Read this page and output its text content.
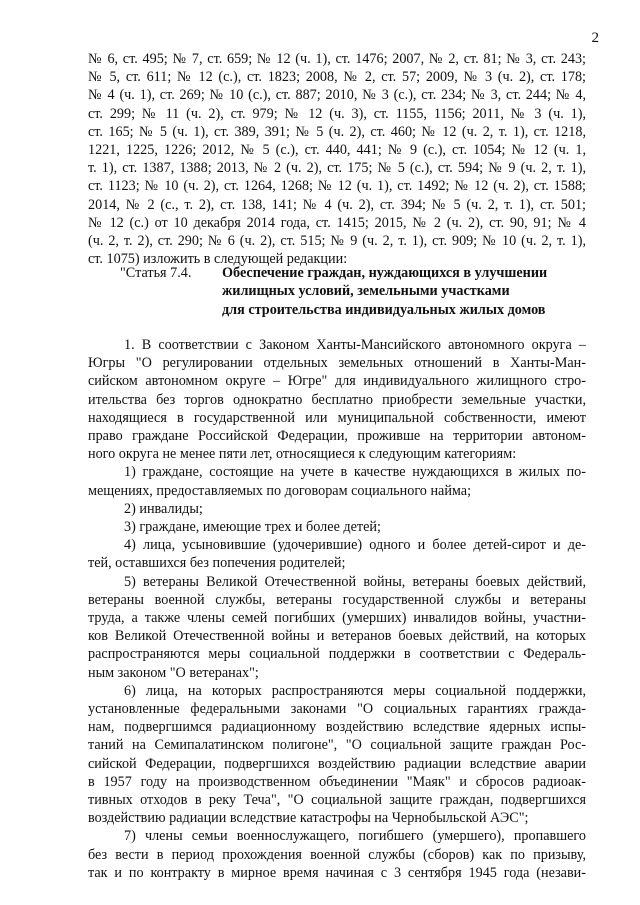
2
№ 6, ст. 495; № 7, ст. 659; № 12 (ч. 1), ст. 1476; 2007, № 2, ст. 81; № 3, ст. 243;
№ 5, ст. 611; № 12 (с.), ст. 1823; 2008, № 2, ст. 57; 2009, № 3 (ч. 2), ст. 178;
№ 4 (ч. 1), ст. 269; № 10 (с.), ст. 887; 2010, № 3 (с.), ст. 234; № 3, ст. 244; № 4,
ст. 299; № 11 (ч. 2), ст. 979; № 12 (ч. 3), ст. 1155, 1156; 2011, № 3 (ч. 1),
ст. 165; № 5 (ч. 1), ст. 389, 391; № 5 (ч. 2), ст. 460; № 12 (ч. 2, т. 1), ст. 1218,
1221, 1225, 1226; 2012, № 5 (с.), ст. 440, 441; № 9 (с.), ст. 1054; № 12 (ч. 1,
т. 1), ст. 1387, 1388; 2013, № 2 (ч. 2), ст. 175; № 5 (с.), ст. 594; № 9 (ч. 2, т. 1),
ст. 1123; № 10 (ч. 2), ст. 1264, 1268; № 12 (ч. 1), ст. 1492; № 12 (ч. 2), ст. 1588;
2014, № 2 (с., т. 2), ст. 138, 141; № 4 (ч. 2), ст. 394; № 5 (ч. 2, т. 1), ст. 501;
№ 12 (с.) от 10 декабря 2014 года, ст. 1415; 2015, № 2 (ч. 2), ст. 90, 91; № 4
(ч. 2, т. 2), ст. 290; № 6 (ч. 2), ст. 515; № 9 (ч. 2, т. 1), ст. 909; № 10 (ч. 2, т. 1),
ст. 1075) изложить в следующей редакции:
"Статья 7.4. Обеспечение граждан, нуждающихся в улучшении
жилищных условий, земельными участками
для строительства индивидуальных жилых домов
1. В соответствии с Законом Ханты-Мансийского автономного округа –
Югры "О регулировании отдельных земельных отношений в Ханты-Ман-
сийском автономном округе – Югре" для индивидуального жилищного стро-
ительства без торгов однократно бесплатно приобрести земельные участки,
находящиеся в государственной или муниципальной собственности, имеют
право граждане Российской Федерации, проживше на территории автоном-
ного округа не менее пяти лет, относящиеся к следующим категориям:
1) граждане, состоящие на учете в качестве нуждающихся в жилых по-
мещениях, предоставляемых по договорам социального найма;
2) инвалиды;
3) граждане, имеющие трех и более детей;
4) лица, усыновившие (удочерившие) одного и более детей-сирот и де-
тей, оставшихся без попечения родителей;
5) ветераны Великой Отечественной войны, ветераны боевых действий,
ветераны военной службы, ветераны государственной службы и ветераны
труда, а также члены семей погибших (умерших) инвалидов войны, участни-
ков Великой Отечественной войны и ветеранов боевых действий, на которых
распространяются меры социальной поддержки в соответствии с Федераль-
ным законом "О ветеранах";
6) лица, на которых распространяются меры социальной поддержки,
установленные федеральными законами "О социальных гарантиях гражда-
нам, подвергшимся радиационному воздействию вследствие ядерных испы-
таний на Семипалатинском полигоне", "О социальной защите граждан Рос-
сийской Федерации, подвергшихся воздействию радиации вследствие аварии
в 1957 году на производственном объединении "Маяк" и сбросов радиоак-
тивных отходов в реку Теча", "О социальной защите граждан, подвергшихся
воздействию радиации вследствие катастрофы на Чернобыльской АЭС";
7) члены семьи военнослужащего, погибшего (умершего), пропавшего
без вести в период прохождения военной службы (сборов) как по призыву,
так и по контракту в мирное время начиная с 3 сентября 1945 года (незави-
